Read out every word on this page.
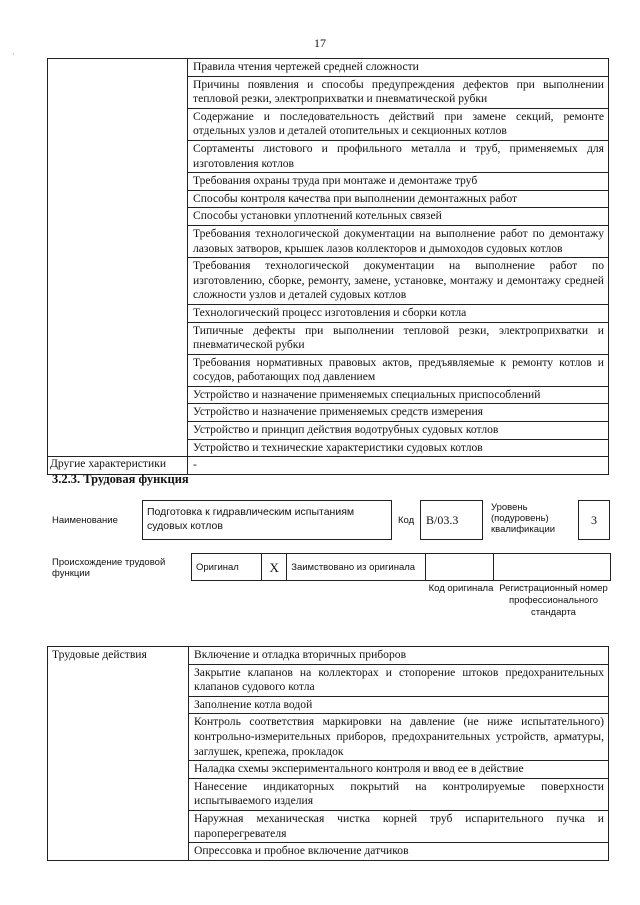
17
·
	Правила чтения чертежей средней сложности
	Причины появления и способы предупреждения дефектов при выполнении тепловой резки, электроприхватки и пневматической рубки
	Содержание и последовательность действий при замене секций, ремонте отдельных узлов и деталей отопительных и секционных котлов
	Сортаменты листового и профильного металла и труб, применяемых для изготовления котлов
	Требования охраны труда при монтаже и демонтаже труб
	Способы контроля качества при выполнении демонтажных работ
	Способы установки уплотнений котельных связей
	Требования технологической документации на выполнение работ по демонтажу лазовых затворов, крышек лазов коллекторов и дымоходов судовых котлов
	Требования технологической документации на выполнение работ по изготовлению, сборке, ремонту, замене, установке, монтажу и демонтажу средней сложности узлов и деталей судовых котлов
	Технологический процесс изготовления и сборки котла
	Типичные дефекты при выполнении тепловой резки, электроприхватки и пневматической рубки
	Требования нормативных правовых актов, предъявляемые к ремонту котлов и сосудов, работающих под давлением
	Устройство и назначение применяемых специальных приспособлений
	Устройство и назначение применяемых средств измерения
	Устройство и принцип действия водотрубных судовых котлов
	Устройство и технические характеристики судовых котлов
Другие характеристики	-
3.2.3. Трудовая функция
Наименование
Подготовка к гидравлическим испытаниям судовых котлов	Код В/03.3
Уровень (подуровень) квалификации
3
Происхождение трудовой функции
Оригинал	X	Заимствовано из оригинала		
Код оригинала Регистрационный номер профессионального стандарта
Трудовые действия	Включение и отладка вторичных приборов
Закрытие клапанов на коллекторах и стопорение штоков предохранительных клапанов судового котла
Заполнение котла водой
Контроль соответствия маркировки на давление (не ниже испытательного) контрольно-измерительных приборов, предохранительных устройств, арматуры, заглушек, крепежа, прокладок
Наладка схемы экспериментального контроля и ввод ее в действие
Нанесение индикаторных покрытий на контролируемые поверхности испытываемого изделия
Наружная механическая чистка корней труб испарительного пучка и пароперегревателя
Опрессовка и пробное включение датчиков
